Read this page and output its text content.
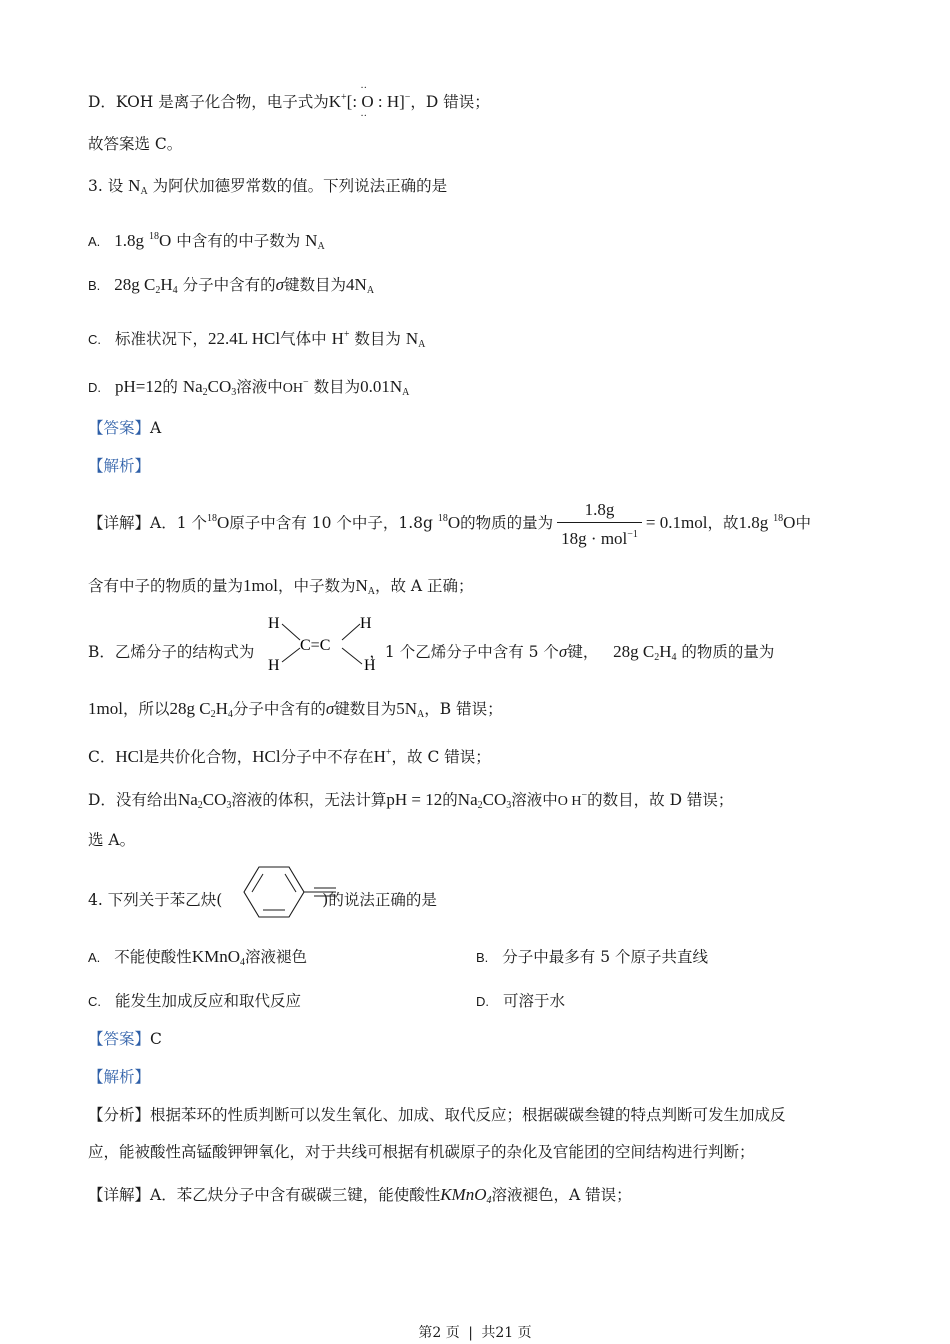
D．KOH 是离子化合物，电子式为K+[
··
: O : H]
··
−，D 错误；
故答案选 C。
3. 设 $N_A$ 为阿伏加德罗常数的值。下列说法正确的是
A. 1.8g $^{18}$O 中含有的中子数为 $N_A$
B. 28g $C_2H_4$ 分子中含有的σ键数目为$4N_A$
C. 标准状况下，22.4L HCl气体中 H+ 数目为 $N_A$
D. pH=12的 $Na_2CO_3$溶液中OH− 数目为$0.01N_A$
【答案】A
【解析】
【详解】A．1 个$^{18}$O原子中含有 10 个中子，1.8g $^{18}$O的物质的量为 $\frac{1.8g}{18g \cdot mol^{-1}} = 0.1mol$，故1.8g $^{18}$O中
含有中子的物质的量为1mol，中子数为$N_A$，故 A 正确；
B．乙烯分子的结构式为	，1 个乙烯分子中含有 5 个σ键， 28g $C_2H_4$ 的物质的量为
H
H
H
H
C=C
1mol，所以28g $C_2H_4$分子中含有的σ键数目为$5N_A$，B 错误；
C．HCl是共价化合物，HCl分子中不存在H+，故 C 错误；
D．没有给出$Na_2CO_3$溶液的体积，无法计算pH = 12的$Na_2CO_3$溶液中O H−的数目，故 D 错误；
选 A。
4. 下列关于苯乙炔(	)的说法正确的是
A. 不能使酸性KMnO$_4$溶液褪色	B. 分子中最多有 5 个原子共直线
C. 能发生加成反应和取代反应	D. 可溶于水
【答案】C
【解析】
【分析】根据苯环的性质判断可以发生氧化、加成、取代反应；根据碳碳叁键的特点判断可发生加成反
应，能被酸性高锰酸钾钾氧化，对于共线可根据有机碳原子的杂化及官能团的空间结构进行判断；
【详解】A．苯乙炔分子中含有碳碳三键，能使酸性KMnO$_4$溶液褪色，A 错误；
第2 页 | 共21 页
